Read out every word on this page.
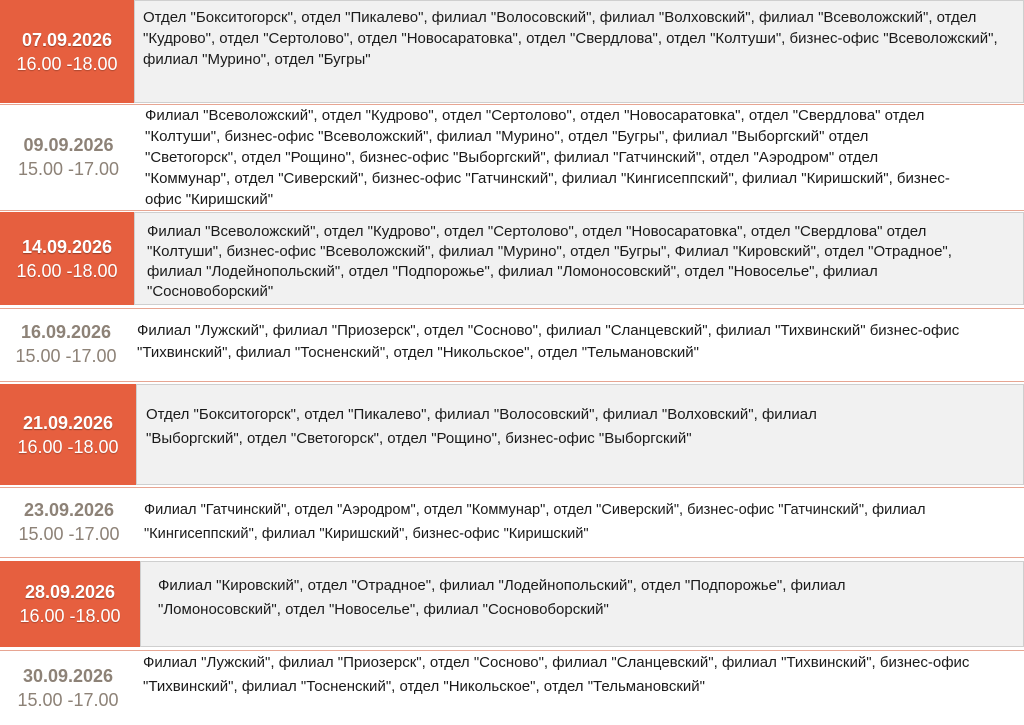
07.09.2026
16.00 -18.00
Отдел "Бокситогорск", отдел "Пикалево", филиал "Волосовский", филиал "Волховский", филиал "Всеволожский", отдел "Кудрово", отдел "Сертолово", отдел "Новосаратовка", отдел "Свердлова", отдел "Колтуши", бизнес-офис "Всеволожский", филиал "Мурино", отдел "Бугры"
09.09.2026
15.00 -17.00
Филиал "Всеволожский", отдел "Кудрово", отдел "Сертолово", отдел "Новосаратовка", отдел "Свердлова" отдел "Колтуши", бизнес-офис "Всеволожский", филиал "Мурино", отдел "Бугры", филиал "Выборгский" отдел "Светогорск", отдел "Рощино", бизнес-офис "Выборгский", филиал "Гатчинский", отдел "Аэродром" отдел "Коммунар", отдел "Сиверский", бизнес-офис "Гатчинский", филиал "Кингисеппский", филиал "Киришский", бизнес-офис "Киришский"
14.09.2026
16.00 -18.00
Филиал "Всеволожский", отдел "Кудрово", отдел "Сертолово", отдел "Новосаратовка", отдел "Свердлова" отдел "Колтуши", бизнес-офис "Всеволожский", филиал "Мурино", отдел "Бугры", Филиал "Кировский", отдел "Отрадное", филиал "Лодейнопольский", отдел "Подпорожье", филиал "Ломоносовский", отдел "Новоселье", филиал "Сосновоборский"
16.09.2026
15.00 -17.00
Филиал "Лужский", филиал "Приозерск", отдел "Сосново", филиал "Сланцевский", филиал "Тихвинский" бизнес-офис "Тихвинский", филиал "Тосненский", отдел "Никольское", отдел "Тельмановский"
21.09.2026
16.00 -18.00
Отдел "Бокситогорск", отдел "Пикалево", филиал "Волосовский", филиал "Волховский", филиал "Выборгский", отдел "Светогорск", отдел "Рощино", бизнес-офис "Выборгский"
23.09.2026
15.00 -17.00
Филиал "Гатчинский", отдел "Аэродром", отдел "Коммунар", отдел "Сиверский", бизнес-офис "Гатчинский", филиал "Кингисеппский", филиал "Киришский", бизнес-офис "Киришский"
28.09.2026
16.00 -18.00
Филиал "Кировский", отдел "Отрадное", филиал "Лодейнопольский", отдел "Подпорожье", филиал "Ломоносовский", отдел "Новоселье", филиал "Сосновоборский"
30.09.2026
15.00 -17.00
Филиал "Лужский", филиал "Приозерск", отдел "Сосново", филиал "Сланцевский", филиал "Тихвинский", бизнес-офис "Тихвинский", филиал "Тосненский", отдел "Никольское", отдел "Тельмановский"
